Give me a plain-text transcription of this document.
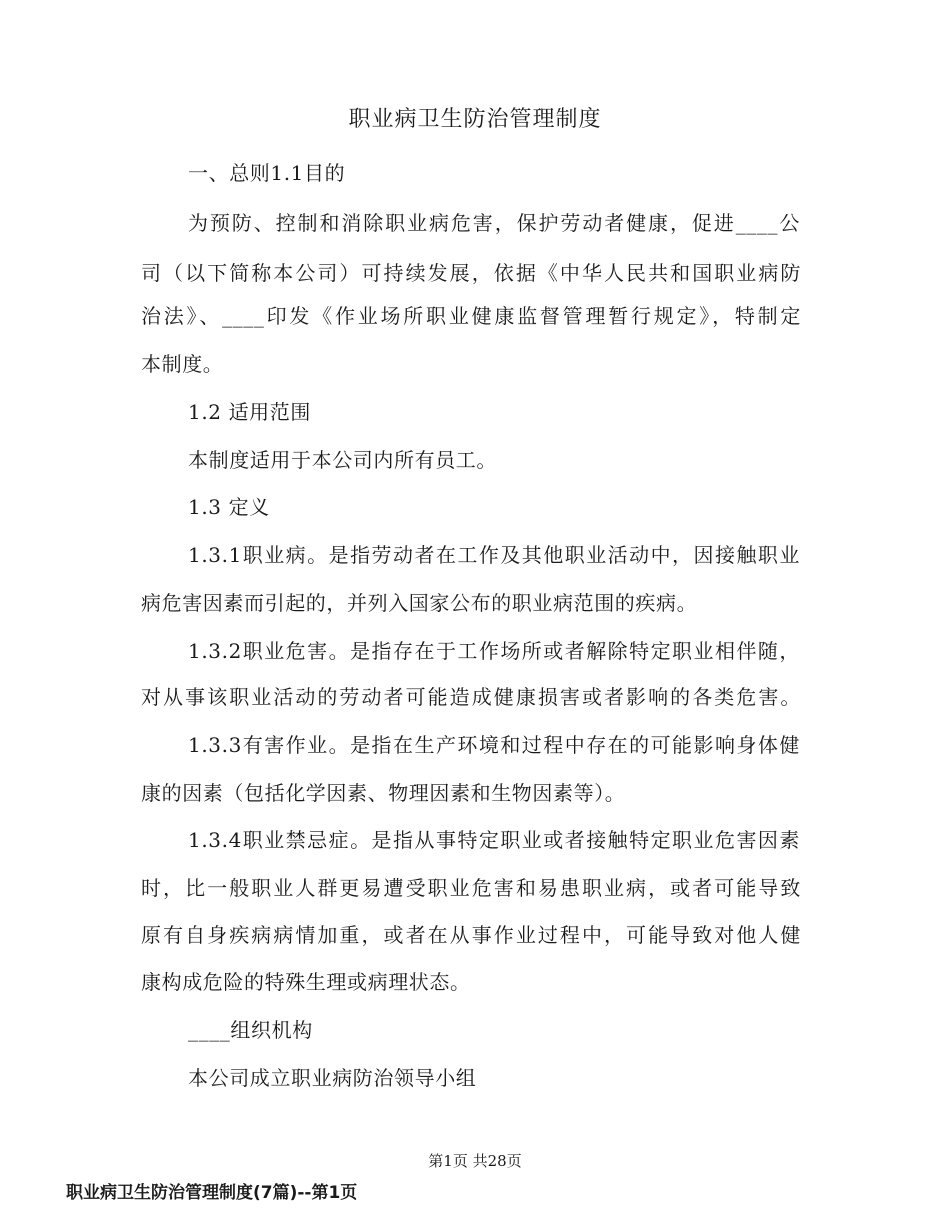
职业病卫生防治管理制度
一、总则1.1目的
为预防、控制和消除职业病危害，保护劳动者健康，促进____公
司（以下简称本公司）可持续发展，依据《中华人民共和国职业病防
治法》、____印发《作业场所职业健康监督管理暂行规定》，特制定
本制度。
1.2 适用范围
本制度适用于本公司内所有员工。
1.3 定义
1.3.1职业病。是指劳动者在工作及其他职业活动中，因接触职业
病危害因素而引起的，并列入国家公布的职业病范围的疾病。
1.3.2职业危害。是指存在于工作场所或者解除特定职业相伴随，
对从事该职业活动的劳动者可能造成健康损害或者影响的各类危害。
1.3.3有害作业。是指在生产环境和过程中存在的可能影响身体健
康的因素（包括化学因素、物理因素和生物因素等）。
1.3.4职业禁忌症。是指从事特定职业或者接触特定职业危害因素
时，比一般职业人群更易遭受职业危害和易患职业病，或者可能导致
原有自身疾病病情加重，或者在从事作业过程中，可能导致对他人健
康构成危险的特殊生理或病理状态。
____组织机构
本公司成立职业病防治领导小组
第1页 共28页
职业病卫生防治管理制度(7篇)--第1页
